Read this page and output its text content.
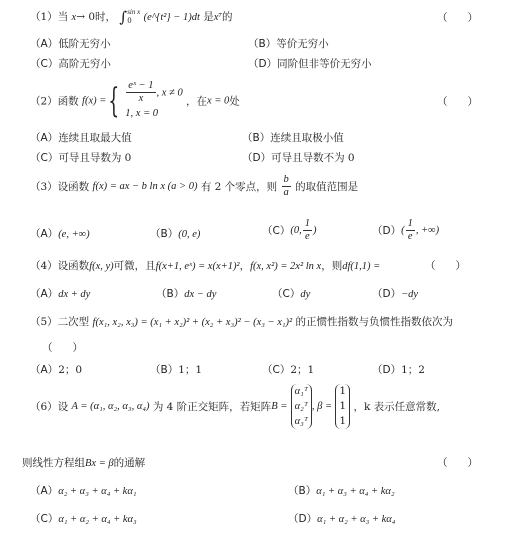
（1）当 x→ 0时， ∫ sin x
0	(e^{t²} − 1)dt 是x⁷的	（      ）
（A）低阶无穷小	（B）等价无穷小
（C）高阶无穷小	（D）同阶但非等价无穷小
（2）函数 f(x) ={ $\frac{\text{eˣ − 1}}{x}$ , x ≠ 0
1, x = 0
，在x = 0处	（      ）
（A）连续且取最大值	（B）连续且取极小值
（C）可导且导数为 0	（D）可导且导数不为 0
（3）设函数 f(x) = ax − b ln x (a > 0) 有 2 个零点，则 $\frac{b}{a}$ 的取值范围是
（A）(e, +∞)	（B）(0, e)	（C）(0, $\frac{1}{e}$ )	$(D)( \frac{1}{e}$ , +∞)
（4）设函数f(x, y)可微，且f(x+1, eˣ) = x(x+1)²，f(x, x²) = 2x² ln x，则df(1,1) =	（      ）
（A）dx + dy	（B）dx − dy	（C）dy	（D）−dy
（5）二次型 f(x₁, x₂, x₃) = (x₁ + x₂)² + (x₂ + x₃)² − (x₃ − x₁)² 的正惯性指数与负惯性指数依次为
（      ）
（A）2；0	（B）1；1	（C）2；1	（D）1；2
（6）设 A = (α₁, α₂, α₃, α₄) 为 4 阶正交矩阵，若矩阵B =
α₁ᵀ
α₂ᵀ
α₃ᵀ
, β =
1
1
1
，k 表示任意常数,
则线性方程组Bx = β的通解	（      ）
（A）α₂ + α₃ + α₄ + kα₁	（B）α₁ + α₃ + α₄ + kα₂
（C）α₁ + α₂ + α₄ + kα₃	（D）α₁ + α₂ + α₃ + kα₄
